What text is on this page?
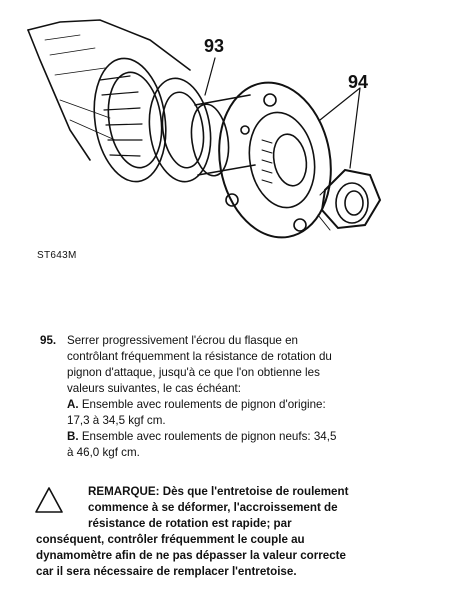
93
94
ST643M
95. Serrer progressivement l'écrou du flasque en
contrôlant fréquemment la résistance de rotation du
pignon d'attaque, jusqu'à ce que l'on obtienne les
valeurs suivantes, le cas échéant:
A. Ensemble avec roulements de pignon d'origine:
17,3 à 34,5 kgf cm.
B. Ensemble avec roulements de pignon neufs: 34,5
à 46,0 kgf cm.
REMARQUE: Dès que l'entretoise de roulement
commence à se déformer, l'accroissement de
résistance de rotation est rapide; par
conséquent, contrôler fréquemment le couple au
dynamomètre afin de ne pas dépasser la valeur correcte
car il sera nécessaire de remplacer l'entretoise.
